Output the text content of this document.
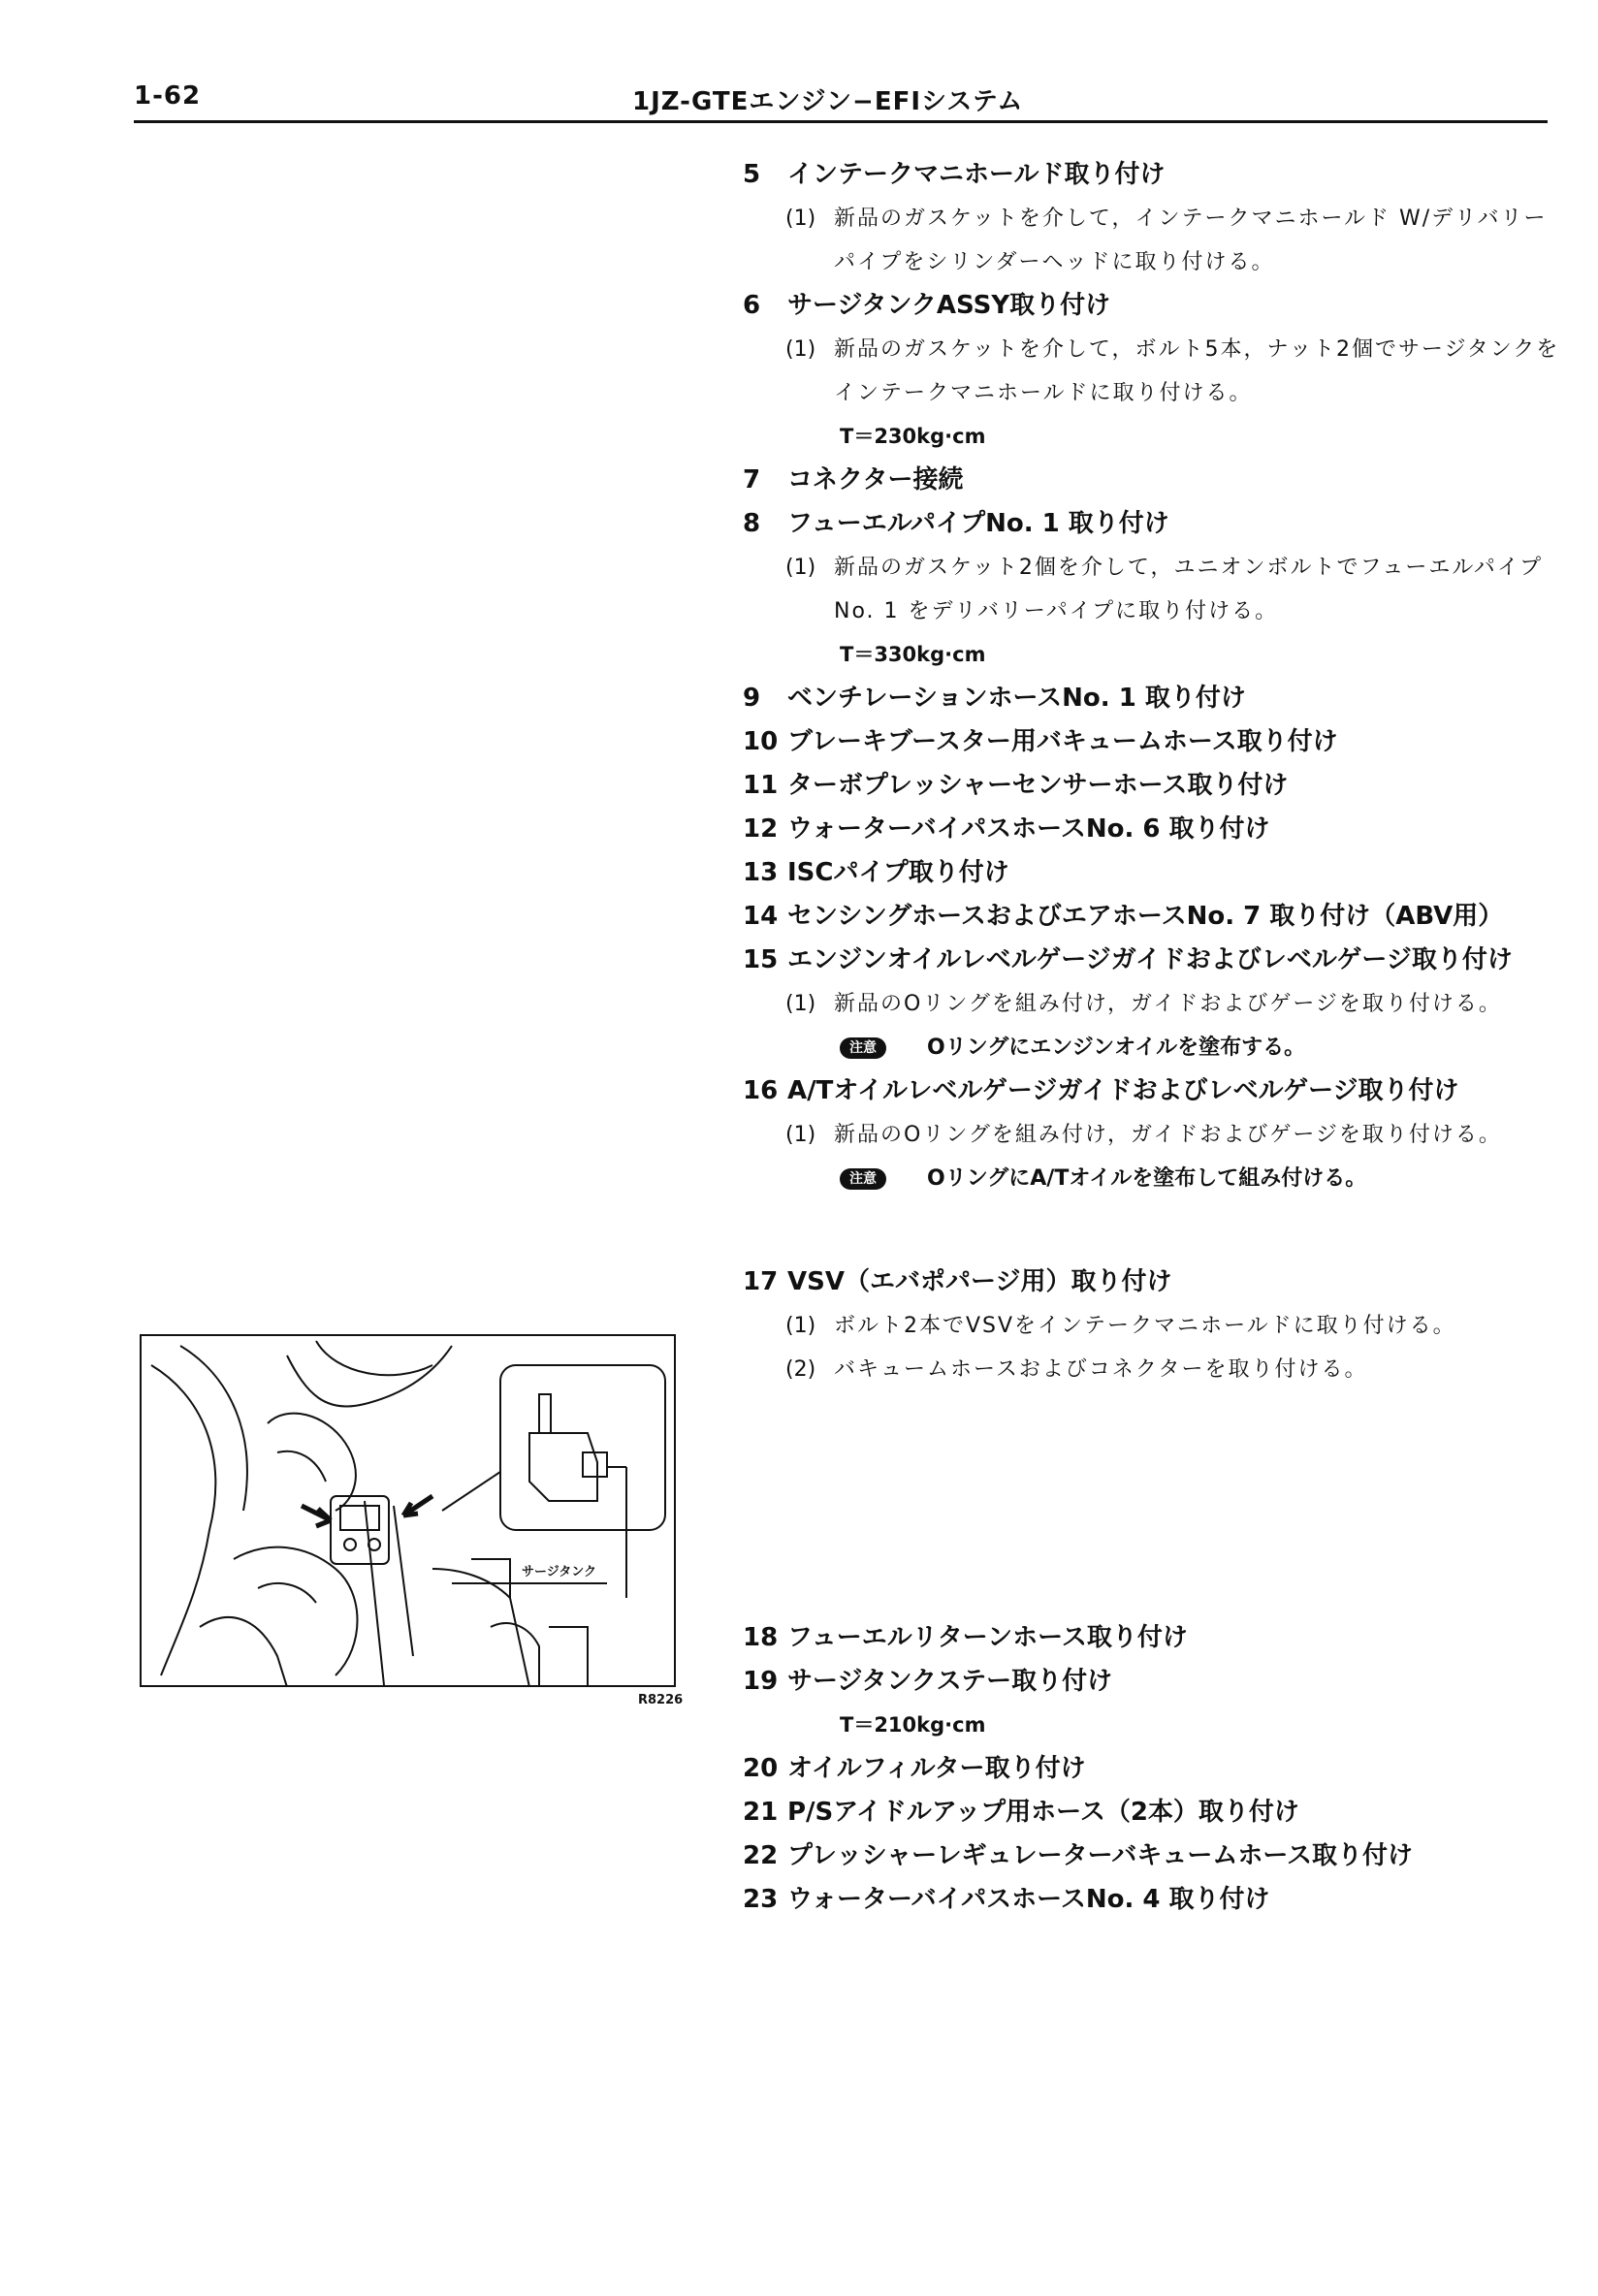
1-62	1JZ-GTEエンジン−EFIシステム
5	インテークマニホールド取り付け
(1) 新品のガスケットを介して，インテークマニホールド W/デリバリーパイプをシリンダーヘッドに取り付ける。
6	サージタンクASSY取り付け
(1) 新品のガスケットを介して，ボルト5本，ナット2個でサージタンクをインテークマニホールドに取り付ける。
T＝230kg·cm
7	コネクター接続
8	フューエルパイプNo. 1 取り付け
(1) 新品のガスケット2個を介して，ユニオンボルトでフューエルパイプNo. 1 をデリバリーパイプに取り付ける。
T＝330kg·cm
9	ベンチレーションホースNo. 1 取り付け
10 ブレーキブースター用バキュームホース取り付け
11 ターボプレッシャーセンサーホース取り付け
12 ウォーターバイパスホースNo. 6 取り付け
13 ISCパイプ取り付け
14 センシングホースおよびエアホースNo. 7 取り付け（ABV用）
15 エンジンオイルレベルゲージガイドおよびレベルゲージ取り付け
(1) 新品のOリングを組み付け，ガイドおよびゲージを取り付ける。
注意	Oリングにエンジンオイルを塗布する。
16 A/Tオイルレベルゲージガイドおよびレベルゲージ取り付け
(1) 新品のOリングを組み付け，ガイドおよびゲージを取り付ける。
注意	OリングにA/Tオイルを塗布して組み付ける。
17 VSV（エバポパージ用）取り付け
(1) ボルト2本でVSVをインテークマニホールドに取り付ける。
(2) バキュームホースおよびコネクターを取り付ける。
18 フューエルリターンホース取り付け
19 サージタンクステー取り付け
T＝210kg·cm
20 オイルフィルター取り付け
21 P/Sアイドルアップ用ホース（2本）取り付け
22 プレッシャーレギュレーターバキュームホース取り付け
23 ウォーターバイパスホースNo. 4 取り付け
サージタンク
R8226
